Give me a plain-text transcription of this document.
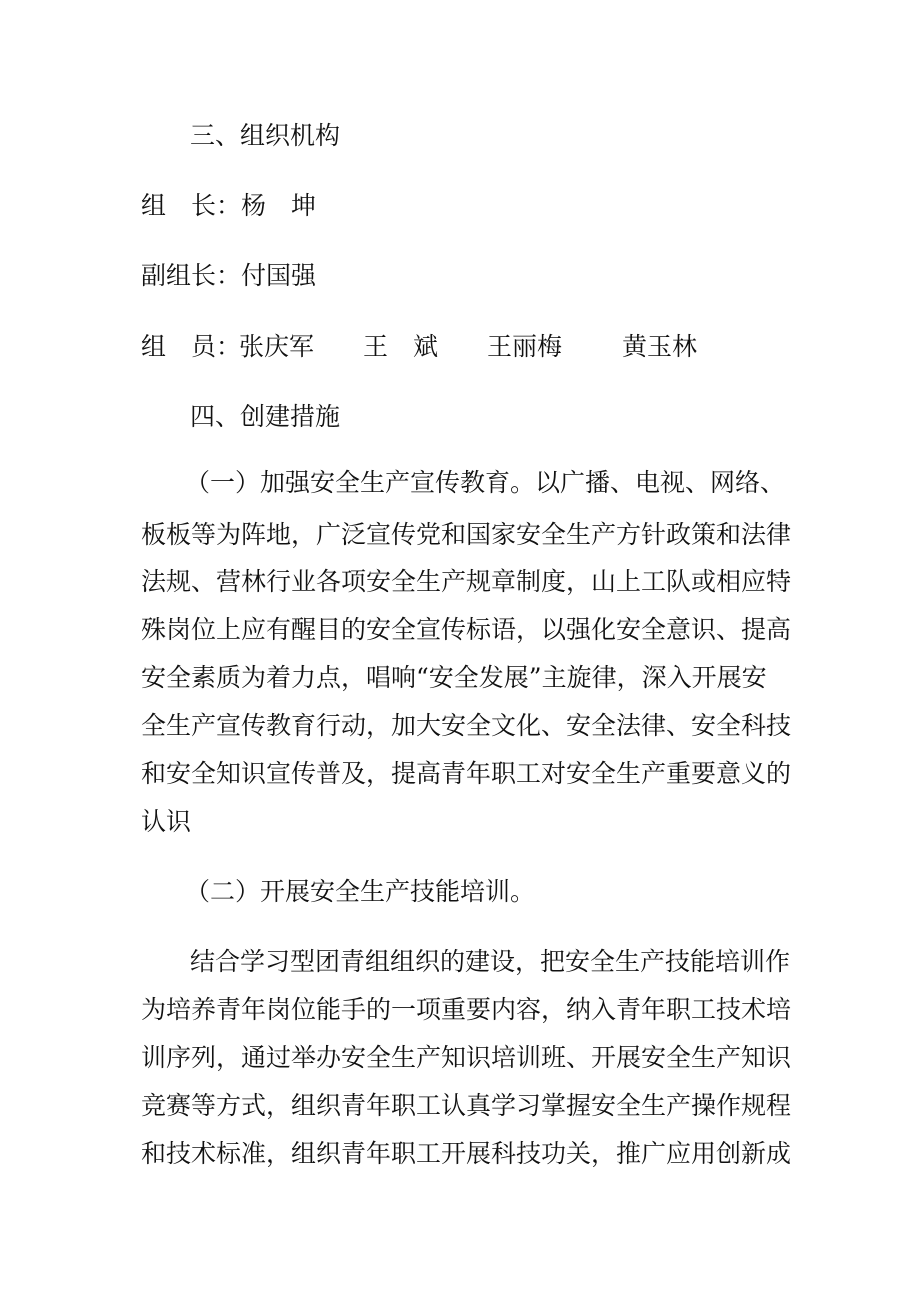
三、组织机构
组　长：杨　坤
副组长：付国强
组　员：
张庆军 王　斌 王丽梅 黄玉林
四、创建措施
（一）加强安全生产宣传教育。以广播、电视、网络、
板板等为阵地，广泛宣传党和国家安全生产方针政策和法律
法规、营林行业各项安全生产规章制度，山上工队或相应特
殊岗位上应有醒目的安全宣传标语，以强化安全意识、提高
安全素质为着力点，唱响“安全发展”主旋律，深入开展安
全生产宣传教育行动，加大安全文化、安全法律、安全科技
和安全知识宣传普及，提高青年职工对安全生产重要意义的
认识
（二）开展安全生产技能培训。
结合学习型团青组组织的建设，把安全生产技能培训作
为培养青年岗位能手的一项重要内容，纳入青年职工技术培
训序列，通过举办安全生产知识培训班、开展安全生产知识
竞赛等方式，组织青年职工认真学习掌握安全生产操作规程
和技术标准，组织青年职工开展科技功关，推广应用创新成
